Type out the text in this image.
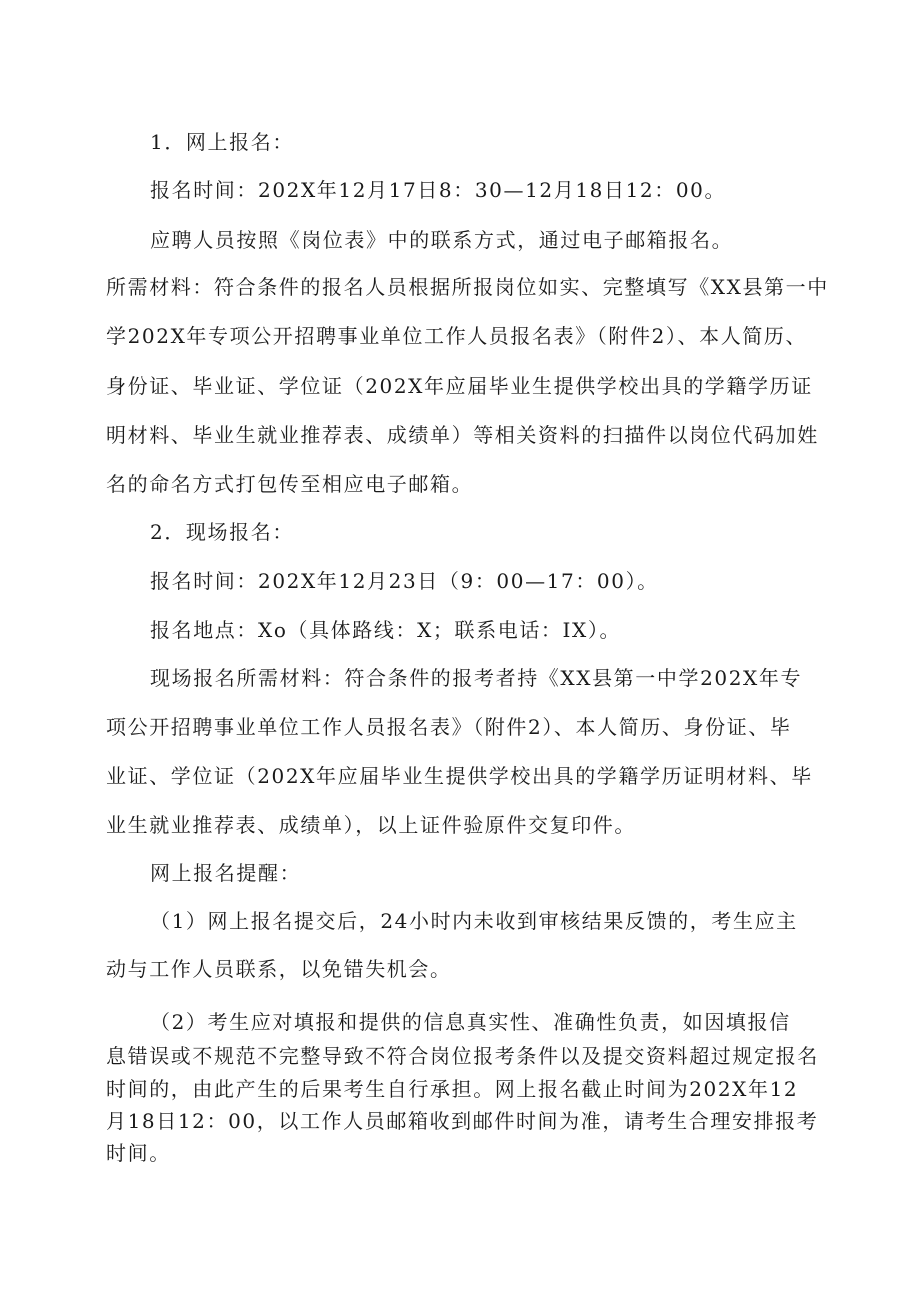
1．网上报名：
报名时间：202X年12月17日8：30—12月18日12：00。
应聘人员按照《岗位表》中的联系方式，通过电子邮箱报名。
所需材料：符合条件的报名人员根据所报岗位如实、完整填写《XX县第一中
学202X年专项公开招聘事业单位工作人员报名表》（附件2）、本人简历、
身份证、毕业证、学位证（202X年应届毕业生提供学校出具的学籍学历证
明材料、毕业生就业推荐表、成绩单）等相关资料的扫描件以岗位代码加姓
名的命名方式打包传至相应电子邮箱。
2．现场报名：
报名时间：202X年12月23日（9：00—17：00）。
报名地点：Xo（具体路线：X；联系电话：IX）。
现场报名所需材料：符合条件的报考者持《XX县第一中学202X年专
项公开招聘事业单位工作人员报名表》（附件2）、本人简历、身份证、毕
业证、学位证（202X年应届毕业生提供学校出具的学籍学历证明材料、毕
业生就业推荐表、成绩单），以上证件验原件交复印件。
网上报名提醒：
（1）网上报名提交后，24小时内未收到审核结果反馈的，考生应主
动与工作人员联系，以免错失机会。
（2）考生应对填报和提供的信息真实性、准确性负责，如因填报信
息错误或不规范不完整导致不符合岗位报考条件以及提交资料超过规定报名
时间的，由此产生的后果考生自行承担。网上报名截止时间为202X年12
月18日12：00，以工作人员邮箱收到邮件时间为准，请考生合理安排报考
时间。
